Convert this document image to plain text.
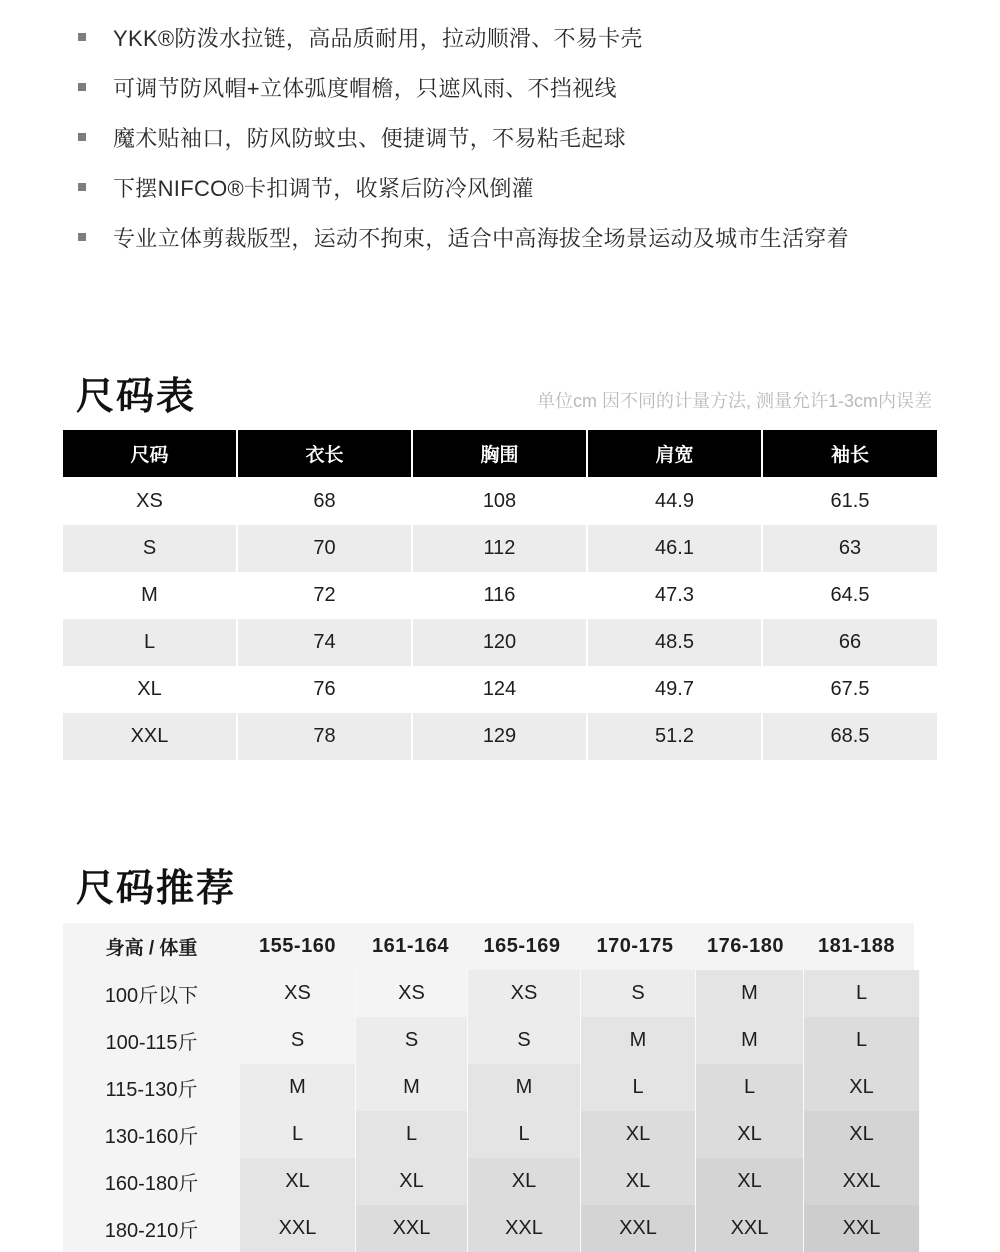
YKK®防泼水拉链，高品质耐用，拉动顺滑、不易卡壳
可调节防风帽+立体弧度帽檐，只遮风雨、不挡视线
魔术贴袖口，防风防蚊虫、便捷调节，不易粘毛起球
下摆NIFCO®卡扣调节，收紧后防冷风倒灌
专业立体剪裁版型，运动不拘束，适合中高海拔全场景运动及城市生活穿着
尺码表	单位cm 因不同的计量方法, 测量允许1-3cm内误差
尺码	衣长	胸围	肩宽	袖长
XS	68	108	44.9	61.5
S	70	112	46.1	63
M	72	116	47.3	64.5
L	74	120	48.5	66
XL	76	124	49.7	67.5
XXL	78	129	51.2	68.5
尺码推荐
身高 / 体重	155-160	161-164	165-169	170-175	176-180	181-188
100斤以下	XS	XS	XS	S	M	L
100-115斤	S	S	S	M	M	L
115-130斤	M	M	M	L	L	XL
130-160斤	L	L	L	XL	XL	XL
160-180斤	XL	XL	XL	XL	XL	XXL
180-210斤	XXL	XXL	XXL	XXL	XXL	XXL
